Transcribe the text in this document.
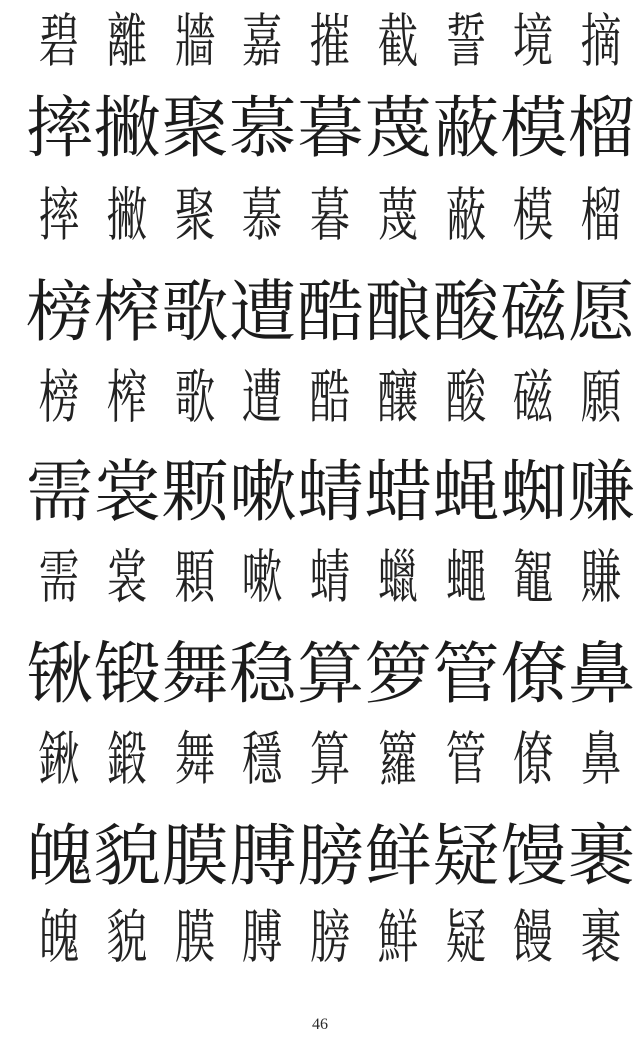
碧 離 牆 嘉 摧 截 誓 境 摘
摔 撇 聚 慕 暮 蔑 蔽 模 榴
摔 撇 聚 慕 暮 蔑 蔽 模 榴
榜 榨 歌 遭 酷 酿 酸 磁 愿
榜 榨 歌 遭 酷 釀 酸 磁 願
需 裳 颗 嗽 蜻 蜡 蝇 蜘 赚
需 裳 顆 嗽 蜻 蠟 蠅 鼅 賺
锹 锻 舞 稳 算 箩 管 僚 鼻
鍬 鍛 舞 穩 算 籮 管 僚 鼻
魄 貌 膜 膊 膀 鲜 疑 馒 裹
魄 貌 膜 膊 膀 鮮 疑 饅 裹
46
